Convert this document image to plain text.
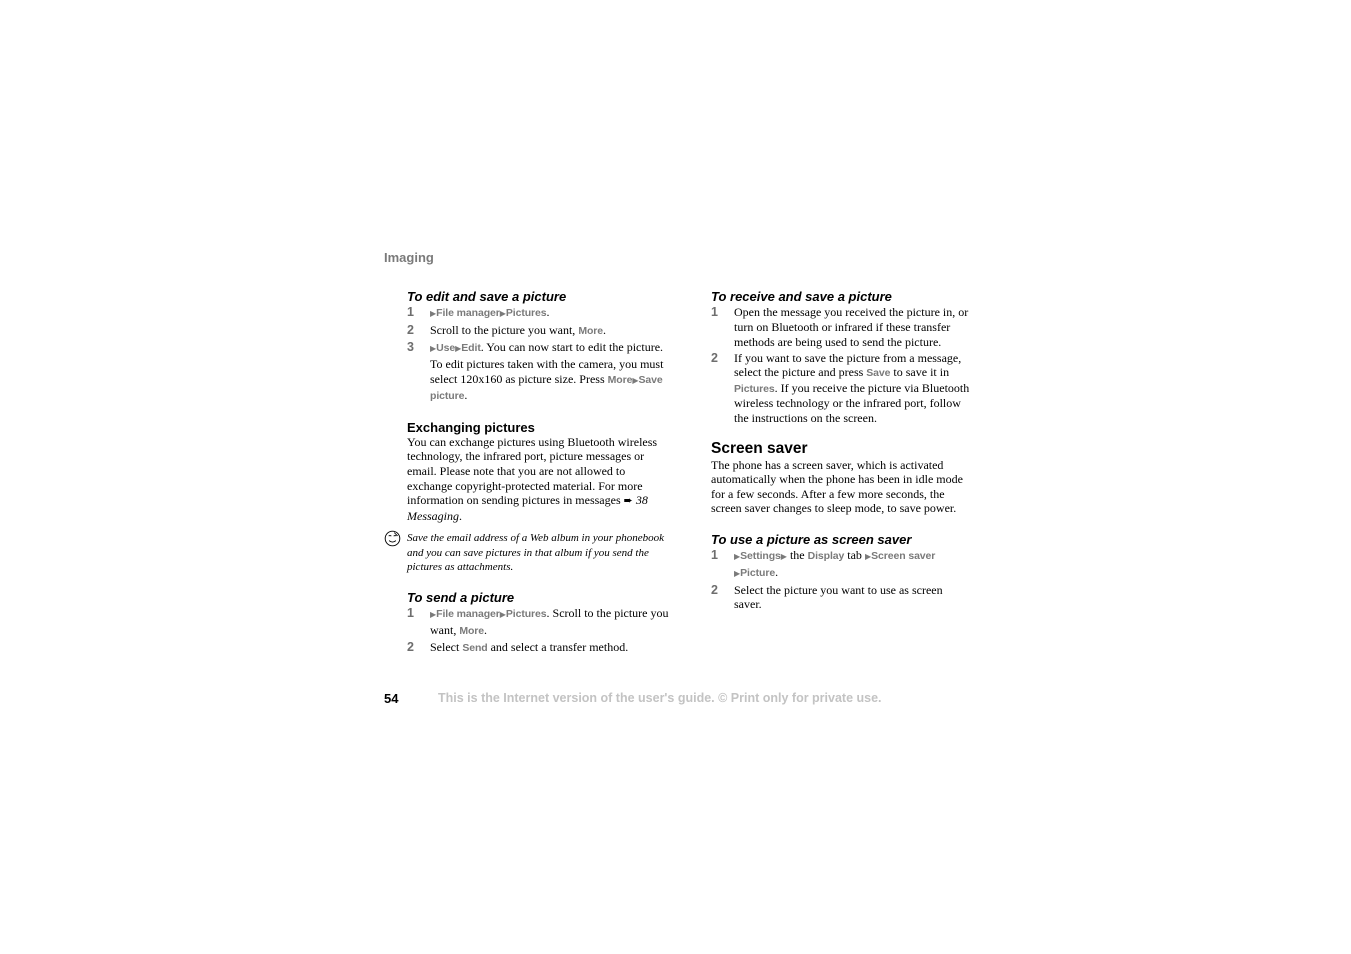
Imaging
To edit and save a picture
1 ▶File manager▶Pictures.
2 Scroll to the picture you want, More.
3 ▶Use▶Edit. You can now start to edit the picture. To edit pictures taken with the camera, you must select 120x160 as picture size. Press More▶Save picture.
Exchanging pictures

You can exchange pictures using Bluetooth wireless technology, the infrared port, picture messages or email. Please note that you are not allowed to exchange copyright-protected material. For more information on sending pictures in messages ➨ 38 Messaging.

Save the email address of a Web album in your phonebook and you can save pictures in that album if you send the pictures as attachments.

To send a picture
1 ▶File manager▶Pictures. Scroll to the picture you want, More.
2 Select Send and select a transfer method.
To receive and save a picture
1 Open the message you received the picture in, or turn on Bluetooth or infrared if these transfer methods are being used to send the picture.
2 If you want to save the picture from a message, select the picture and press Save to save it in Pictures. If you receive the picture via Bluetooth wireless technology or the infrared port, follow the instructions on the screen.
Screen saver

The phone has a screen saver, which is activated automatically when the phone has been in idle mode for a few seconds. After a few more seconds, the screen saver changes to sleep mode, to save power.

To use a picture as screen saver
1 ▶Settings▶ the Display tab ▶Screen saver ▶Picture.
2 Select the picture you want to use as screen saver.
54	This is the Internet version of the user's guide. © Print only for private use.
